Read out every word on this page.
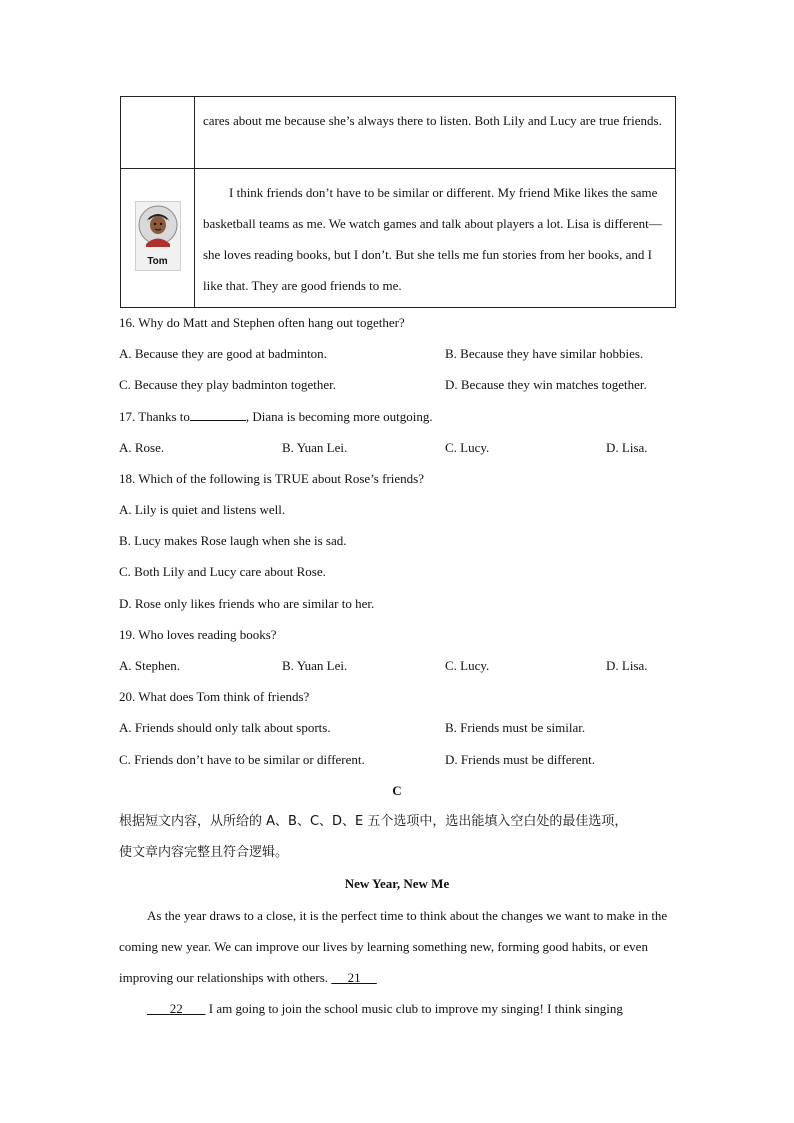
	cares about me because she’s always there to listen. Both Lily and Lucy are true friends.

Tom	I think friends don’t have to be similar or different. My friend Mike likes the same basketball teams as me. We watch games and talk about players a lot. Lisa is different—she loves reading books, but I don’t. But she tells me fun stories from her books, and I like that. They are good friends to me.
16. Why do Matt and Stephen often hang out together?
A. Because they are good at badminton.	B. Because they have similar hobbies.
C. Because they play badminton together.	D. Because they win matches together.
17. Thanks to	, Diana is becoming more outgoing.
A. Rose.	B. Yuan Lei.	C. Lucy.	D. Lisa.
18. Which of the following is TRUE about Rose’s friends?
A. Lily is quiet and listens well.
B. Lucy makes Rose laugh when she is sad.
C. Both Lily and Lucy care about Rose.
D. Rose only likes friends who are similar to her.
19. Who loves reading books?
A. Stephen.	B. Yuan Lei.	C. Lucy.	D. Lisa.
20. What does Tom think of friends?
A. Friends should only talk about sports.	B. Friends must be similar.
C. Friends don’t have to be similar or different.	D. Friends must be different.
C
根据短文内容，从所给的 A、B、C、D、E 五个选项中，选出能填入空白处的最佳选项，
使文章内容完整且符合逻辑。
New Year, New Me
As the year draws to a close, it is the perfect time to think about the changes we want to make in the coming new year. We can improve our lives by learning something new, forming good habits, or even improving our relationships with others. 21
22        I am going to join the school music club to improve my singing! I think singing
